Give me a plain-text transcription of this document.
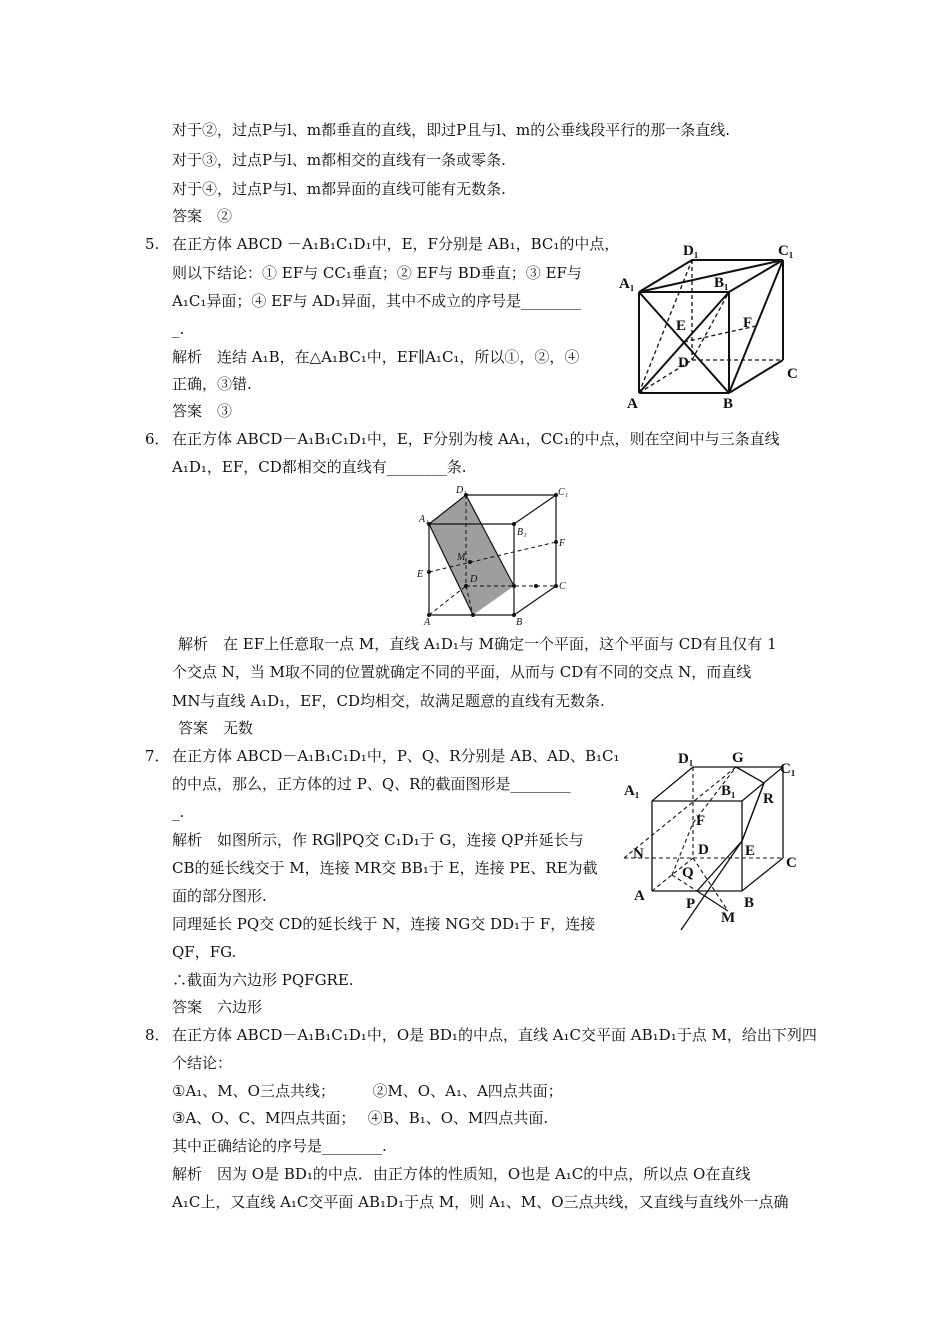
对于②，过点P与l、m都垂直的直线，即过P且与l、m的公垂线段平行的那一条直线.
对于③，过点P与l、m都相交的直线有一条或零条.
对于④，过点P与l、m都异面的直线可能有无数条.
答案　②
5. 在正方体 ABCD －A₁B₁C₁D₁中，E，F分别是 AB₁，BC₁的中点，
则以下结论：① EF与 CC₁垂直；② EF与 BD垂直；③ EF与
A₁C₁异面；④ EF与 AD₁异面，其中不成立的序号是________
_.
解析　连结 A₁B，在△A₁BC₁中，EF∥A₁C₁，所以①，②，④
正确，③错.
答案　③
D₁	C₁
A₁	B₁
E	F
D
C
A	B
6． 在正方体 ABCD－A₁B₁C₁D₁中，E，F分别为棱 AA₁，CC₁的中点，则在空间中与三条直线
A₁D₁，EF，CD都相交的直线有________条.
D₁	C₁
A₁
B₁
F
M
E	D
C
A	B
解析　在 EF上任意取一点 M，直线 A₁D₁与 M确定一个平面，这个平面与 CD有且仅有 1
个交点 N，当 M取不同的位置就确定不同的平面，从而与 CD有不同的交点 N，而直线
MN与直线 A₁D₁，EF，CD均相交，故满足题意的直线有无数条.
答案　无数
7． 在正方体 ABCD－A₁B₁C₁D₁中，P、Q、R分别是 AB、AD、B₁C₁
的中点，那么，正方体的过 P、Q、R的截面图形是________
_.
解析　如图所示，作 RG∥PQ交 C₁D₁于 G，连接 QP并延长与
CB的延长线交于 M，连接 MR交 BB₁于 E，连接 PE、RE为截
面的部分图形.
同理延长 PQ交 CD的延长线于 N，连接 NG交 DD₁于 F，连接
QF，FG.
∴截面为六边形 PQFGRE.
答案　六边形
D₁	G
C₁
A₁	B₁ R
F
N	D E
C
Q
A	P
M
B
8． 在正方体 ABCD－A₁B₁C₁D₁中，O是 BD₁的中点，直线 A₁C交平面 AB₁D₁于点 M，给出下列四
个结论：
①A₁、M、O三点共线；　　　②M、O、A₁、A四点共面；
③A、O、C、M四点共面；　 ④B、B₁、O、M四点共面.
其中正确结论的序号是________.
解析　因为 O是 BD₁的中点．由正方体的性质知，O也是 A₁C的中点，所以点 O在直线
A₁C上，又直线 A₁C交平面 AB₁D₁于点 M，则 A₁、M、O三点共线，又直线与直线外一点确
